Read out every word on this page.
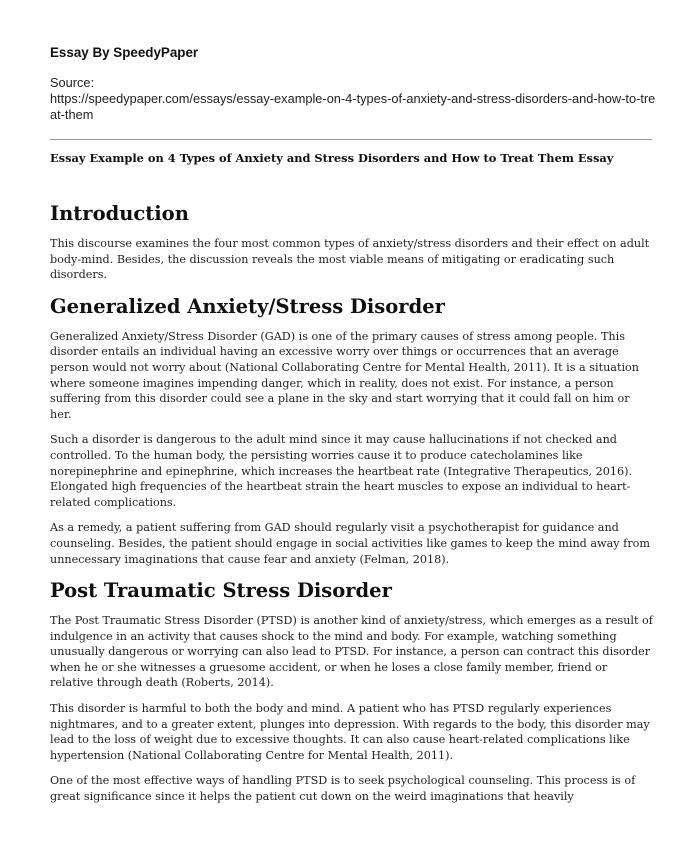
Essay By SpeedyPaper
Source:
https://speedypaper.com/essays/essay-example-on-4-types-of-anxiety-and-stress-disorders-and-how-to-treat-them
Essay Example on 4 Types of Anxiety and Stress Disorders and How to Treat Them Essay
Introduction

This discourse examines the four most common types of anxiety/stress disorders and their effect on adult body-mind. Besides, the discussion reveals the most viable means of mitigating or eradicating such disorders.

Generalized Anxiety/Stress Disorder

Generalized Anxiety/Stress Disorder (GAD) is one of the primary causes of stress among people. This disorder entails an individual having an excessive worry over things or occurrences that an average person would not worry about (National Collaborating Centre for Mental Health, 2011). It is a situation where someone imagines impending danger, which in reality, does not exist. For instance, a person suffering from this disorder could see a plane in the sky and start worrying that it could fall on him or her.

Such a disorder is dangerous to the adult mind since it may cause hallucinations if not checked and controlled. To the human body, the persisting worries cause it to produce catecholamines like norepinephrine and epinephrine, which increases the heartbeat rate (Integrative Therapeutics, 2016). Elongated high frequencies of the heartbeat strain the heart muscles to expose an individual to heart-related complications.

As a remedy, a patient suffering from GAD should regularly visit a psychotherapist for guidance and counseling. Besides, the patient should engage in social activities like games to keep the mind away from unnecessary imaginations that cause fear and anxiety (Felman, 2018).

Post Traumatic Stress Disorder

The Post Traumatic Stress Disorder (PTSD) is another kind of anxiety/stress, which emerges as a result of indulgence in an activity that causes shock to the mind and body. For example, watching something unusually dangerous or worrying can also lead to PTSD. For instance, a person can contract this disorder when he or she witnesses a gruesome accident, or when he loses a close family member, friend or relative through death (Roberts, 2014).

This disorder is harmful to both the body and mind. A patient who has PTSD regularly experiences nightmares, and to a greater extent, plunges into depression. With regards to the body, this disorder may lead to the loss of weight due to excessive thoughts. It can also cause heart-related complications like hypertension (National Collaborating Centre for Mental Health, 2011).

One of the most effective ways of handling PTSD is to seek psychological counseling. This process is of great significance since it helps the patient cut down on the weird imaginations that heavily
